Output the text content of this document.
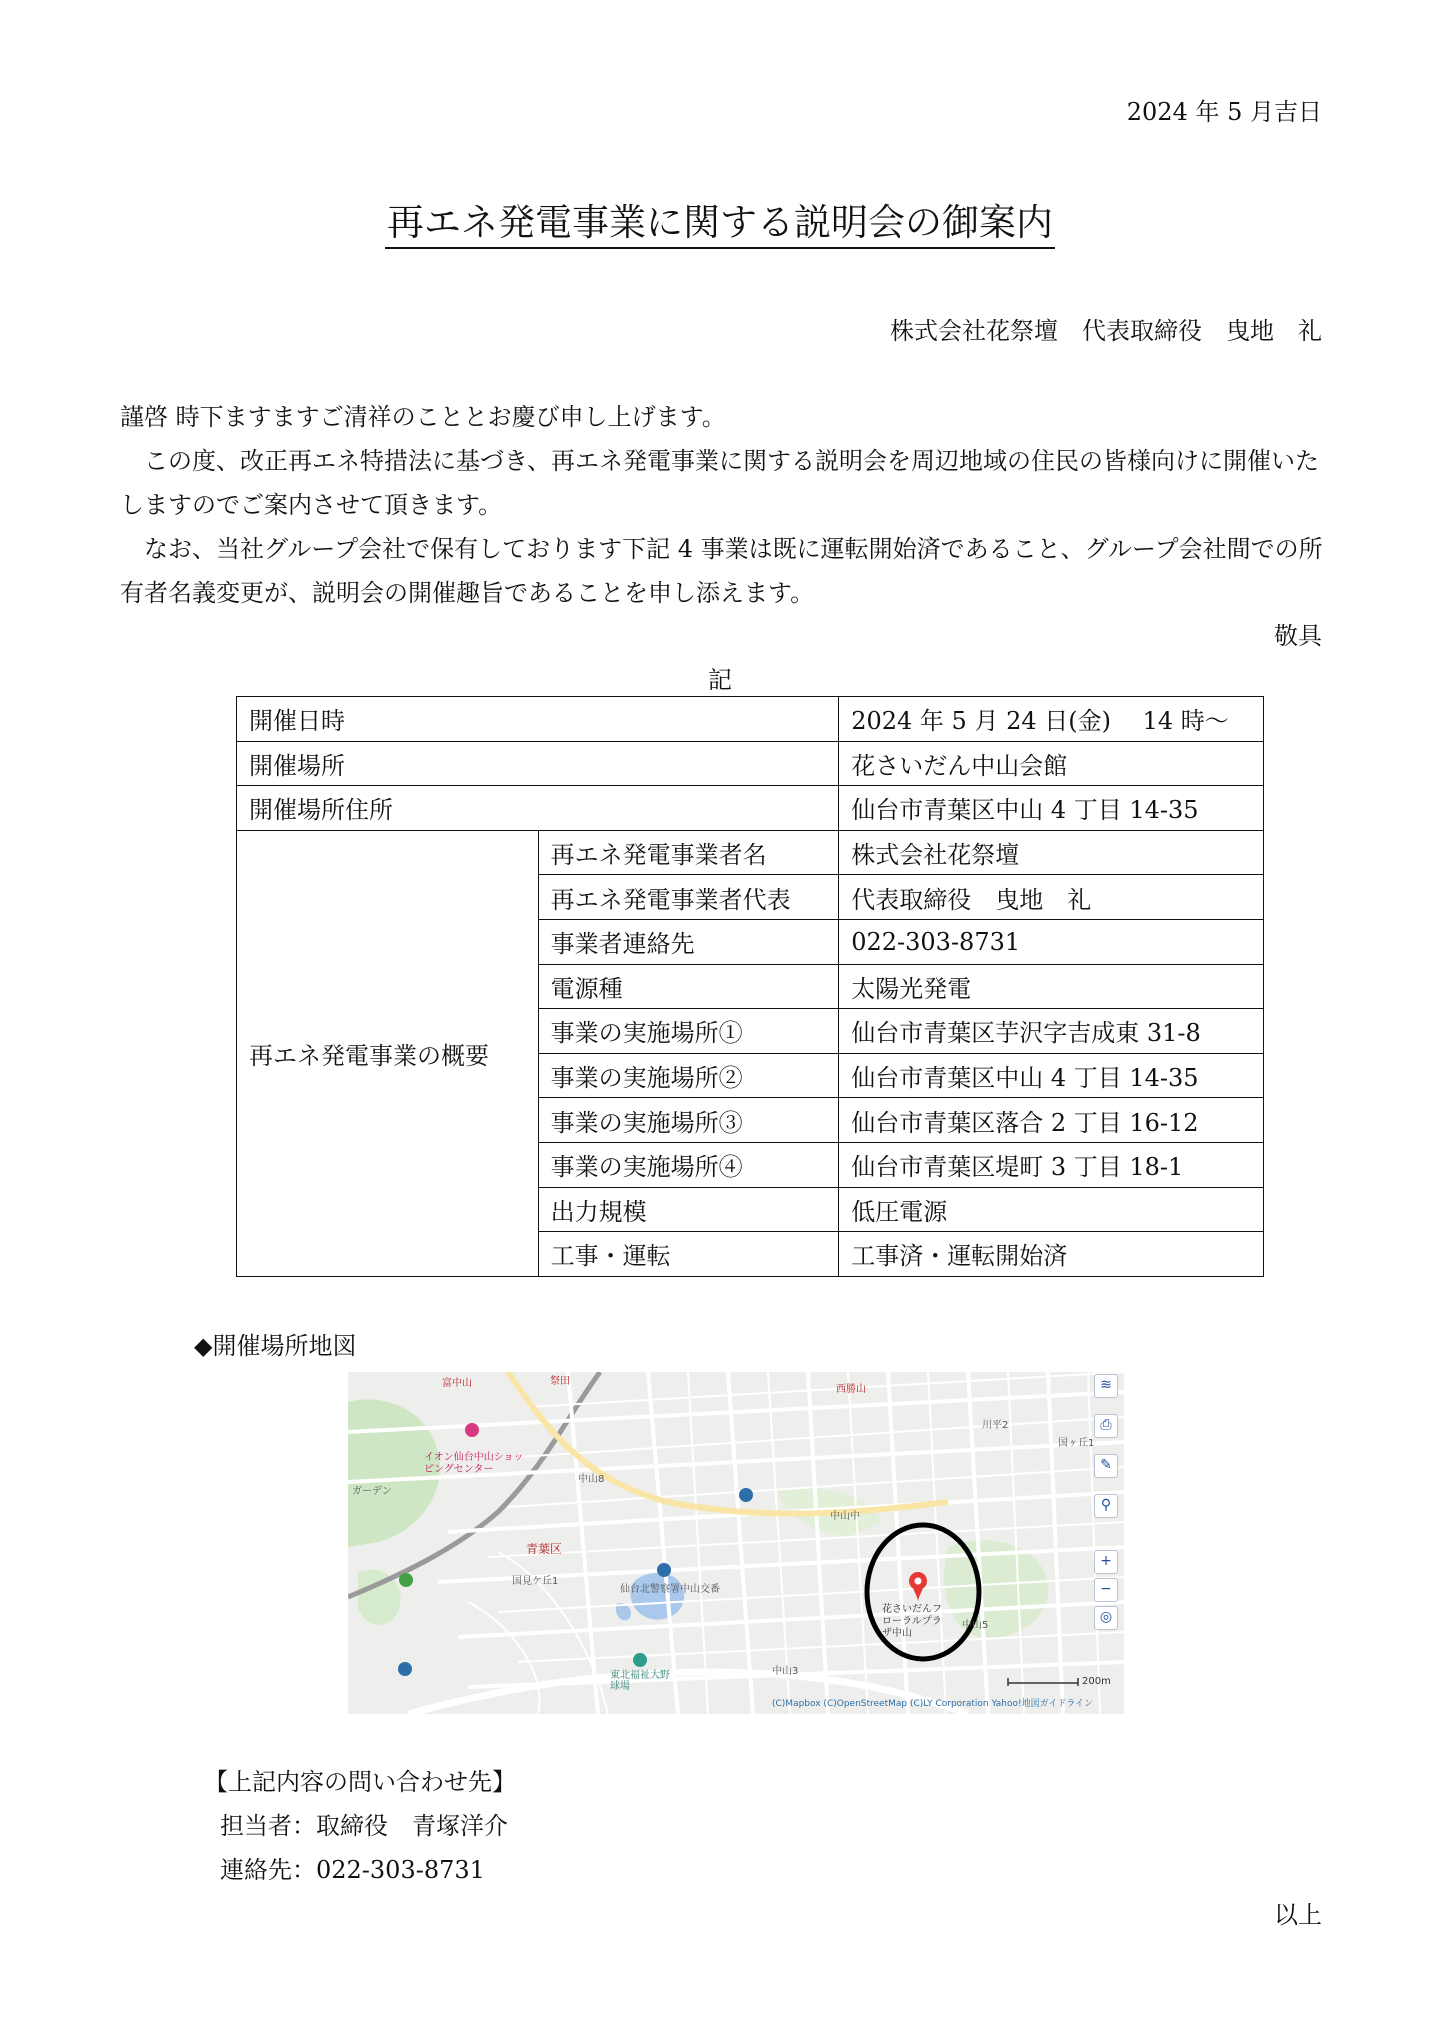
2024 年 5 月吉日
再エネ発電事業に関する説明会の御案内
株式会社花祭壇　代表取締役　曳地　礼

謹啓 時下ますますご清祥のこととお慶び申し上げます。

この度、改正再エネ特措法に基づき、再エネ発電事業に関する説明会を周辺地域の住民の皆様向けに開催いたしますのでご案内させて頂きます。

なお、当社グループ会社で保有しております下記 4 事業は既に運転開始済であること、グループ会社間での所有者名義変更が、説明会の開催趣旨であることを申し添えます。

敬具
記
開催日時		2024 年 5 月 24 日(金)　 14 時～
開催場所		花さいだん中山会館
開催場所住所		仙台市青葉区中山 4 丁目 14-35
再エネ発電事業の概要	再エネ発電事業者名	株式会社花祭壇
	再エネ発電事業者代表	代表取締役　曳地　礼
	事業者連絡先	022-303-8731
	電源種	太陽光発電
	事業の実施場所①	仙台市青葉区芋沢字吉成東 31-8
	事業の実施場所②	仙台市青葉区中山 4 丁目 14-35
	事業の実施場所③	仙台市青葉区落合 2 丁目 16-12
	事業の実施場所④	仙台市青葉区堤町 3 丁目 18-1
	出力規模	低圧電源
	工事・運転	工事済・運転開始済
◆開催場所地図
富中山	祭田
西勝山
イオン仙台中山ショッピングセンター
ガーデン
中山8
中山中
川平2
国ヶ丘1
青葉区
国見ケ丘1
仙台北警察署中山交番
東北福祉大野球場
中山3
中山5
花さいだんフローラルプラザ中山
200m
(C)Mapbox (C)OpenStreetMap (C)LY Corporation Yahoo!地図ガイドライン
≋
⎙
✎
⚲
+
−
◎
【上記内容の問い合わせ先】
担当者：取締役　青塚洋介
連絡先：022-303-8731
以上
